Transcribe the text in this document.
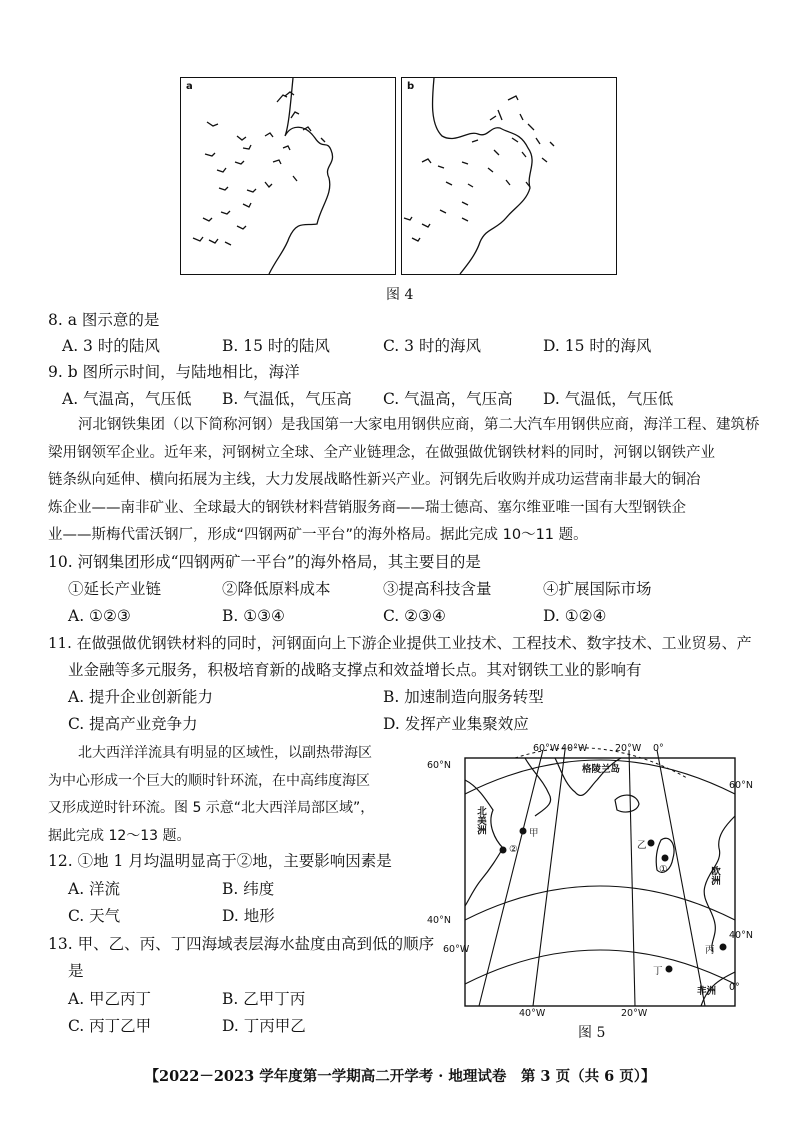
a	b
图 4
8. a 图示意的是
A. 3 时的陆风	B. 15 时的陆风	C. 3 时的海风	D. 15 时的海风
9. b 图所示时间，与陆地相比，海洋
A. 气温高，气压低 B. 气温低，气压高 C. 气温高，气压高 D. 气温低，气压低

河北钢铁集团（以下简称河钢）是我国第一大家电用钢供应商，第二大汽车用钢供应商，海洋工程、建筑桥

梁用钢领军企业。近年来，河钢树立全球、全产业链理念，在做强做优钢铁材料的同时，河钢以钢铁产业

链条纵向延伸、横向拓展为主线，大力发展战略性新兴产业。河钢先后收购并成功运营南非最大的铜冶

炼企业——南非矿业、全球最大的钢铁材料营销服务商——瑞士德高、塞尔维亚唯一国有大型钢铁企

业——斯梅代雷沃钢厂，形成“四钢两矿一平台”的海外格局。据此完成 10～11 题。

10. 河钢集团形成“四钢两矿一平台”的海外格局，其主要目的是
①延长产业链	②降低原料成本	③提高科技含量	④扩展国际市场
A. ①②③	B. ①③④	C. ②③④	D. ①②④
11. 在做强做优钢铁材料的同时，河钢面向上下游企业提供工业技术、工程技术、数字技术、工业贸易、产
业金融等多元服务，积极培育新的战略支撑点和效益增长点。其对钢铁工业的影响有
A. 提升企业创新能力	B. 加速制造向服务转型
C. 提高产业竞争力	D. 发挥产业集聚效应

北大西洋洋流具有明显的区域性，以副热带海区

为中心形成一个巨大的顺时针环流，在中高纬度海区

又形成逆时针环流。图 5 示意“北大西洋局部区域”，

据此完成 12～13 题。

12. ①地 1 月均温明显高于②地，主要影响因素是
A. 洋流	B. 纬度
C. 天气	D. 地形
13. 甲、乙、丙、丁四海域表层海水盐度由高到低的顺序
是
A. 甲乙丙丁	B. 乙甲丁丙
C. 丙丁乙甲	D. 丁丙甲乙
60°W 40°W	20°W 0°
60°N
60°N
格陵兰岛
北美洲	甲
②	乙
①	欧洲
40°N
40°N
60°W	丙
丁
非洲 0°
40°W	20°W
图 5
【2022－2023 学年度第一学期高二开学考 · 地理试卷　第 3 页（共 6 页）】
